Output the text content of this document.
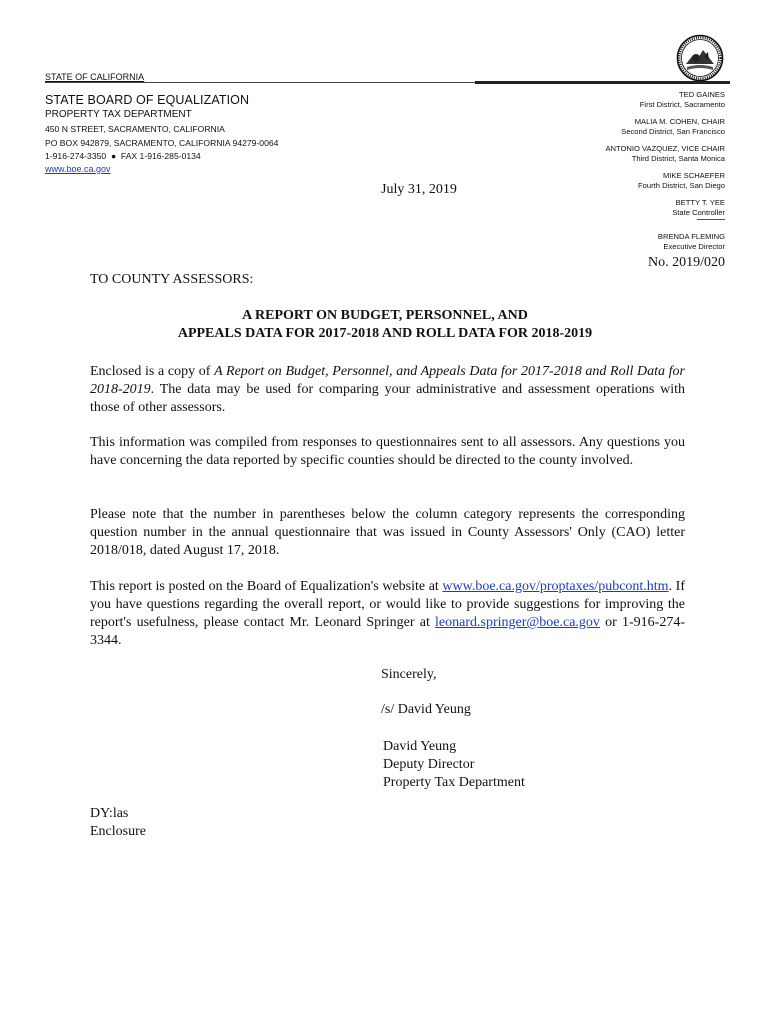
STATE OF CALIFORNIA
STATE BOARD OF EQUALIZATION
PROPERTY TAX DEPARTMENT
450 N STREET, SACRAMENTO, CALIFORNIA
PO BOX 942879, SACRAMENTO, CALIFORNIA 94279-0064
1-916-274-3350  ●  FAX 1-916-285-0134
www.boe.ca.gov
TED GAINES
First District, Sacramento
MALIA M. COHEN, CHAIR
Second District, San Francisco
ANTONIO VAZQUEZ, VICE CHAIR
Third District, Santa Monica
MIKE SCHAEFER
Fourth District, San Diego
BETTY T. YEE
State Controller
BRENDA FLEMING
Executive Director
July 31, 2019
No. 2019/020
TO COUNTY ASSESSORS:
A REPORT ON BUDGET, PERSONNEL, AND
APPEALS DATA FOR 2017-2018 AND ROLL DATA FOR 2018-2019
Enclosed is a copy of A Report on Budget, Personnel, and Appeals Data for 2017-2018 and Roll Data for 2018-2019. The data may be used for comparing your administrative and assessment operations with those of other assessors.
This information was compiled from responses to questionnaires sent to all assessors. Any questions you have concerning the data reported by specific counties should be directed to the county involved.
Please note that the number in parentheses below the column category represents the corresponding question number in the annual questionnaire that was issued in County Assessors' Only (CAO) letter 2018/018, dated August 17, 2018.
This report is posted on the Board of Equalization's website at www.boe.ca.gov/proptaxes/pubcont.htm. If you have questions regarding the overall report, or would like to provide suggestions for improving the report's usefulness, please contact Mr. Leonard Springer at leonard.springer@boe.ca.gov or 1-916-274-3344.
Sincerely,
/s/ David Yeung
David Yeung
Deputy Director
Property Tax Department
DY:las
Enclosure
